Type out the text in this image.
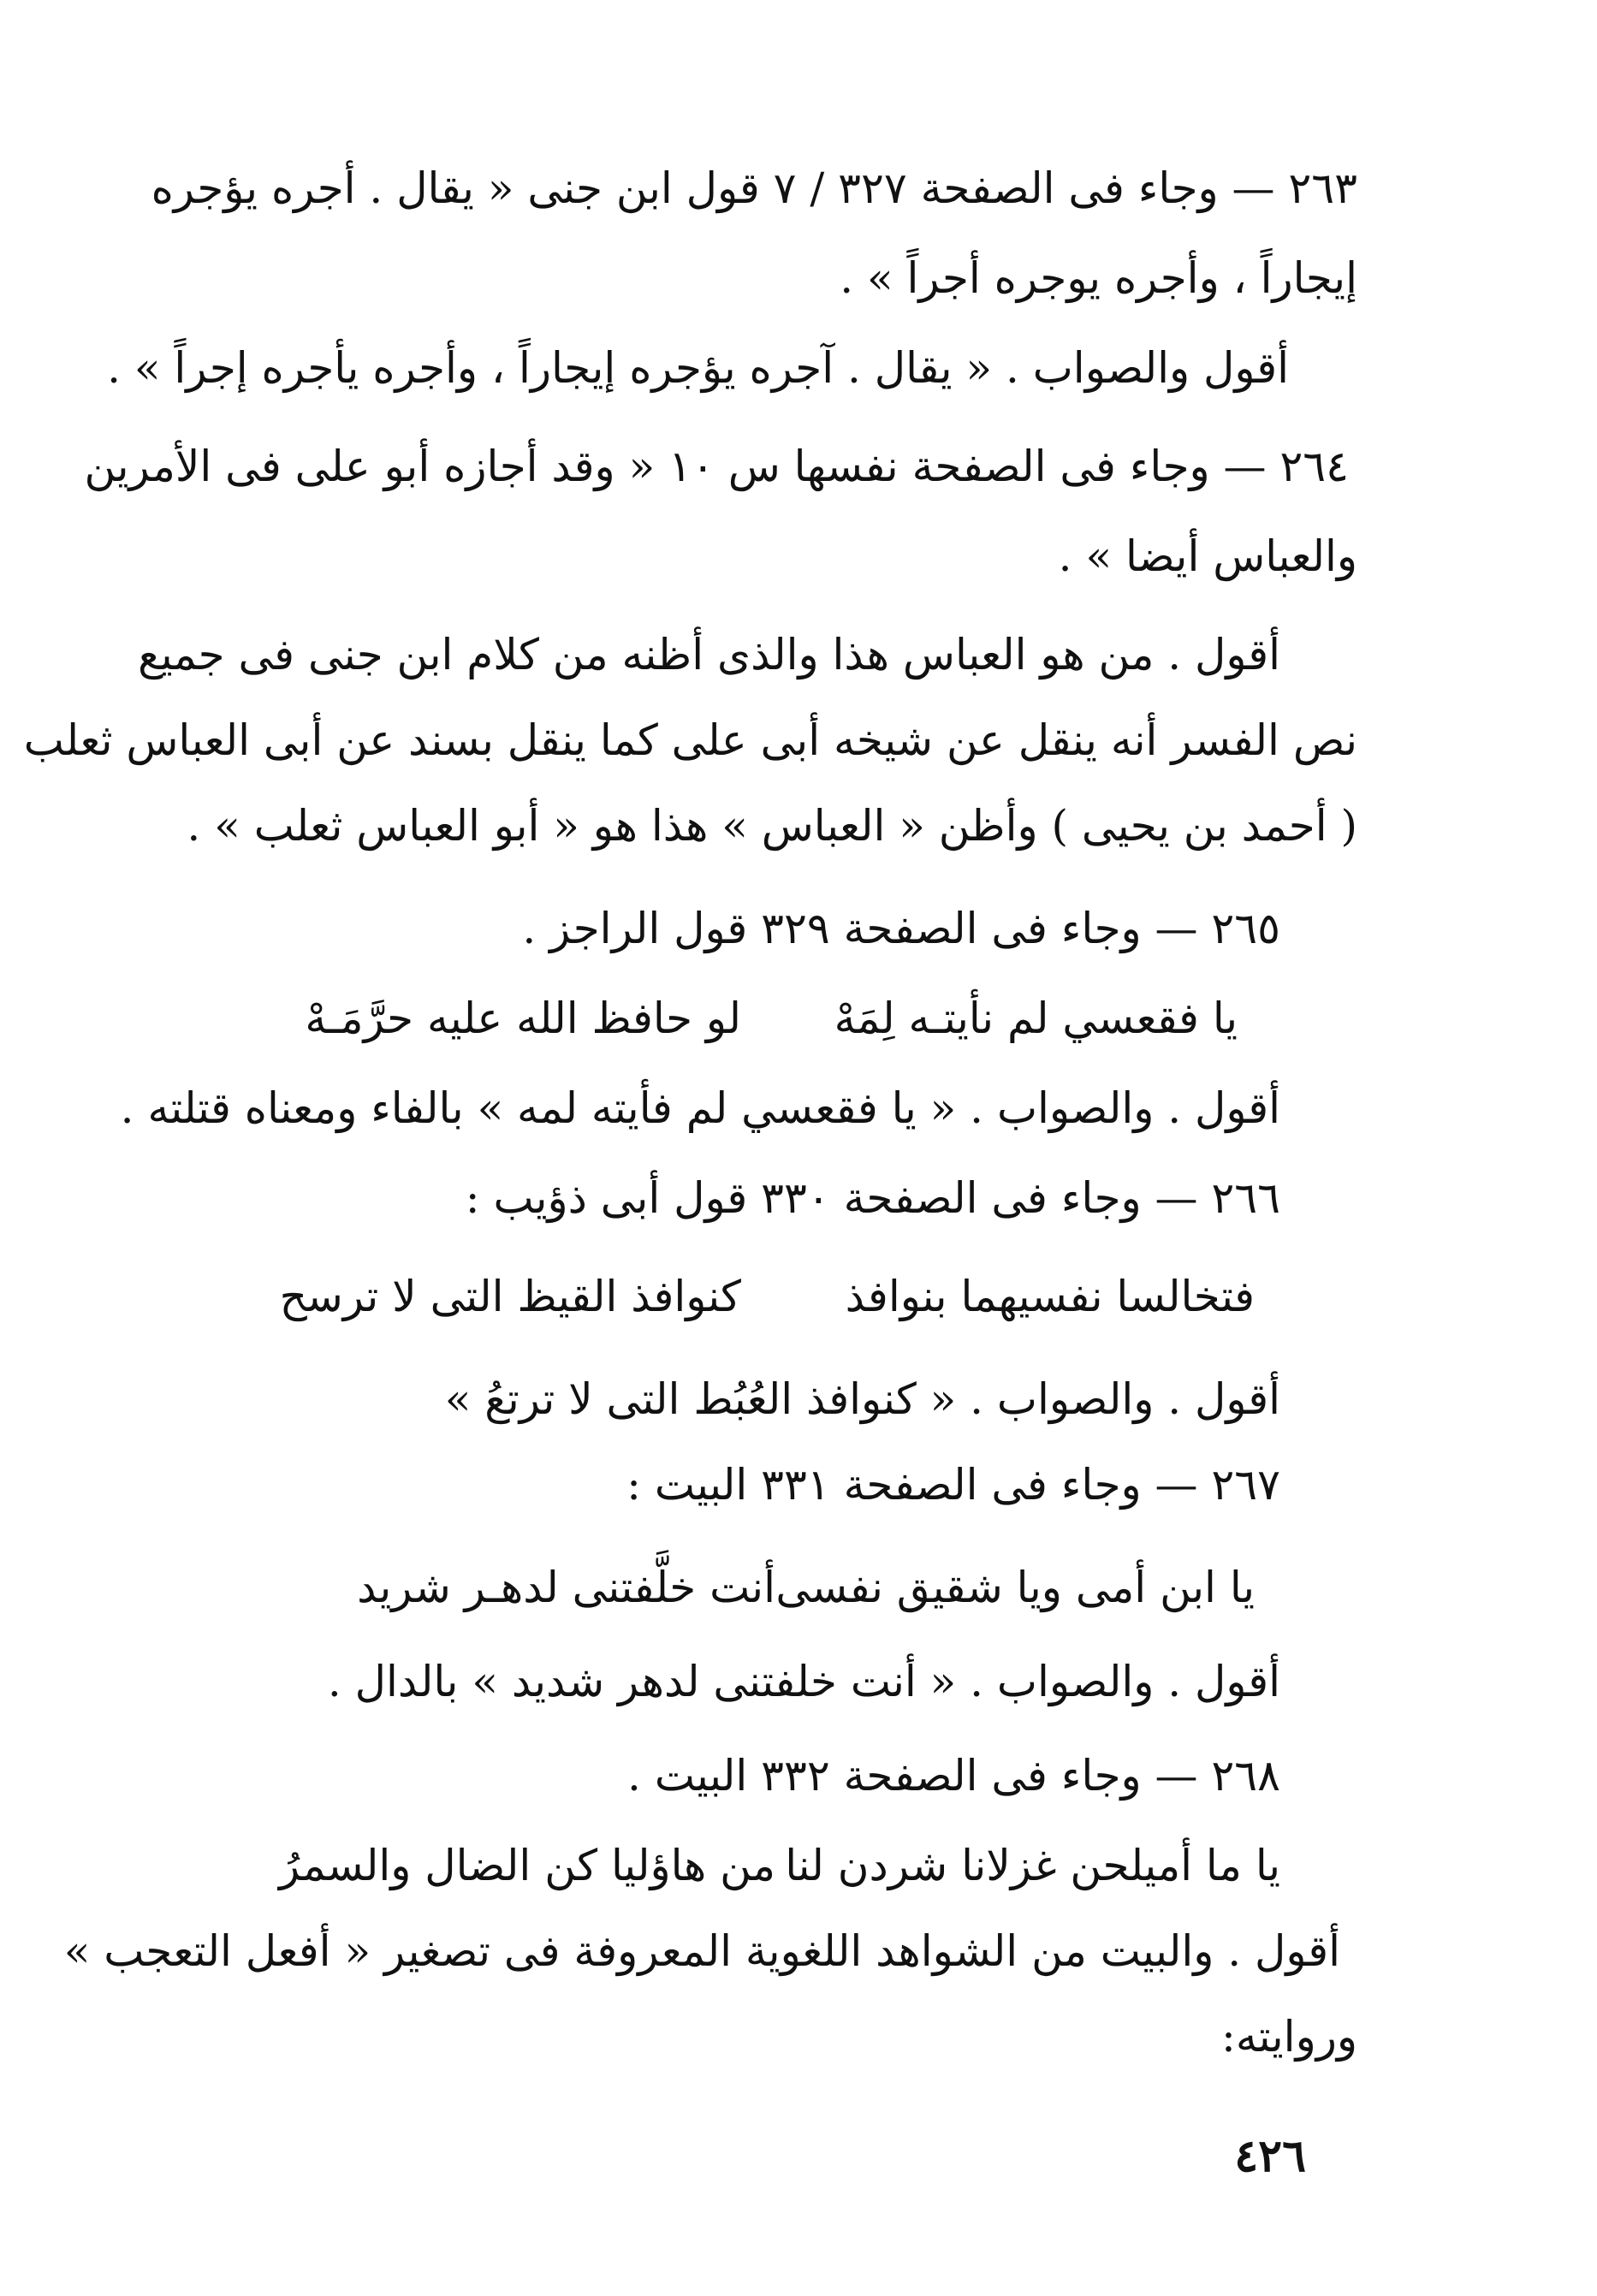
٢٦٣ — وجاء فى الصفحة ٣٢٧ / ٧ قول ابن جنى « يقال . أجره يؤجره
إيجاراً ، وأجره يوجره أجراً » .
أقول والصواب . « يقال . آجره يؤجره إيجاراً ، وأجره يأجره إجراً » .
٢٦٤ — وجاء فى الصفحة نفسها س ١٠ « وقد أجازه أبو على فى الأمرين
والعباس أيضا » .
أقول . من هو العباس هذا والذى أظنه من كلام ابن جنى فى جميع
نص الفسر أنه ينقل عن شيخه أبى على كما ينقل بسند عن أبى العباس ثعلب
( أحمد بن يحيى ) وأظن « العباس » هذا هو « أبو العباس ثعلب » .
٢٦٥ — وجاء فى الصفحة ٣٢٩ قول الراجز .
يا فقعسي لم نأيتـه لِمَهْ
لو حافظ الله عليه حرَّمَـهْ
أقول . والصواب . « يا فقعسي لم فأيته لمه » بالفاء ومعناه قتلته .
٢٦٦ — وجاء فى الصفحة ٣٣٠ قول أبى ذؤيب :
فتخالسا نفسيهما بنوافذ
كنوافذ القيظ التى لا ترسح
أقول . والصواب . « كنوافذ العُبُط التى لا ترتعُ »
٢٦٧ — وجاء فى الصفحة ٣٣١ البيت :
يا ابن أمى ويا شقيق نفسى
أنت خلَّفتنى لدهـر شريد
أقول . والصواب . « أنت خلفتنى لدهر شديد » بالدال .
٢٦٨ — وجاء فى الصفحة ٣٣٢ البيت .
يا ما أميلحن غزلانا شردن لنا
من هاؤليا كن الضال والسمرُ
أقول . والبيت من الشواهد اللغوية المعروفة فى تصغير « أفعل التعجب »
وروايته:
٤٢٦
